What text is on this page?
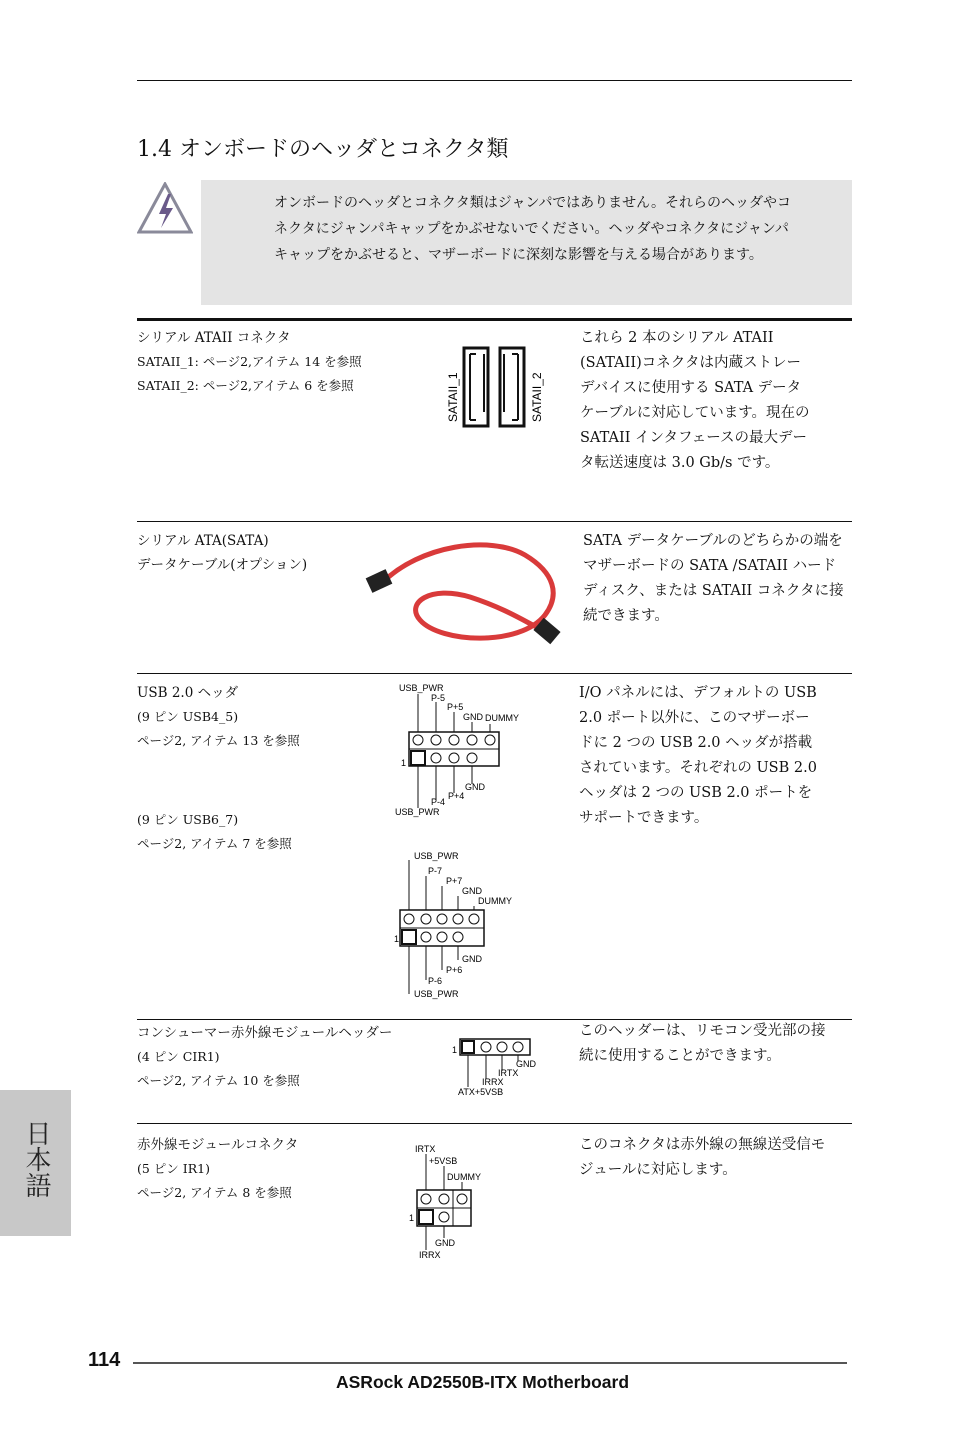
1.4 オンボードのヘッダとコネクタ類
オンボードのヘッダとコネクタ類はジャンパではありません。それらのヘッダやコネクタにジャンパキャップをかぶせないでください。ヘッダやコネクタにジャンパキャップをかぶせると、マザーボードに深刻な影響を与える場合があります。
シリアル ATAII コネクタ
SATAII_1: ページ2,アイテム 14 を参照
SATAII_2: ページ2,アイテム 6 を参照	SATAII_1	SATAII_2
これら 2 本のシリアル ATAII (SATAII)コネクタは内蔵ストレーデバイスに使用する SATA データケーブルに対応しています。現在の SATAII インタフェースの最大データ転送速度は 3.0 Gb/s です。
シリアル ATA(SATA)
データケーブル(オプション)
SATA データケーブルのどちらかの端をマザーボードの SATA /SATAII ハードディスク、または SATAII コネクタに接続できます。
USB 2.0 ヘッダ
(9 ピン USB4_5)
ページ2, アイテム 13 を参照
(9 ピン USB6_7)
ページ2, アイテム 7 を参照
USB_PWR
P-5
P+5
GND DUMMY
1
GND
P+4
P-4
USB_PWR
USB_PWR
P-7
P+7
GND
DUMMY
1
GND
P+6
P-6
USB_PWR
I/O パネルには、デフォルトの USB 2.0 ポート以外に、このマザーボードに 2 つの USB 2.0 ヘッダが搭載されています。それぞれの USB 2.0 ヘッダは 2 つの USB 2.0 ポートをサポートできます。
コンシューマー赤外線モジュールヘッダー
(4 ピン CIR1)
ページ2, アイテム 10 を参照
1
GND
IRTX
IRRX
ATX+5VSB
このヘッダーは、リモコン受光部の接続に使用することができます。
赤外線モジュールコネクタ
(5 ピン IR1)
ページ2, アイテム 8 を参照
IRTX
+5VSB
DUMMY
1
GND
IRRX
このコネクタは赤外線の無線送受信モジュールに対応します。
日本語
114
ASRock AD2550B-ITX Motherboard
